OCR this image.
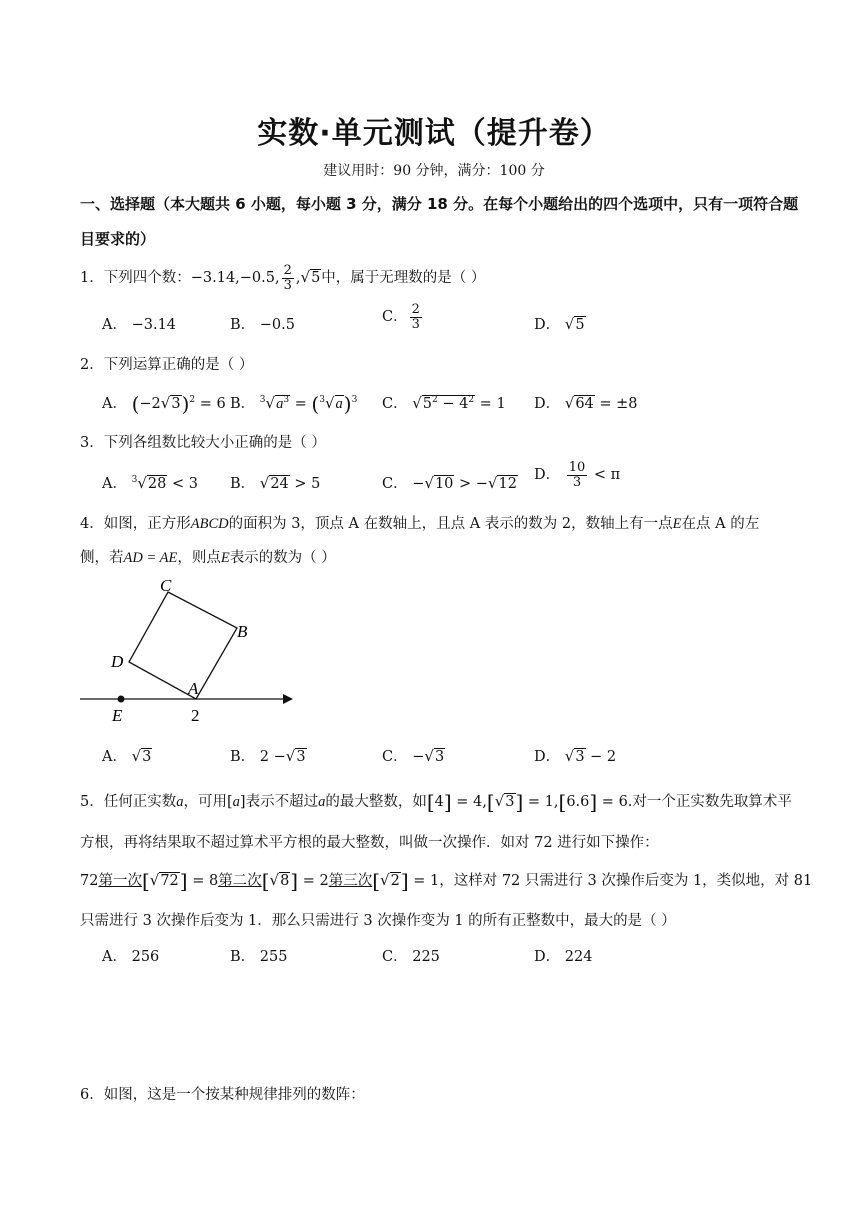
实数·单元测试（提升卷）
建议用时：90 分钟，满分：100 分
一、选择题（本大题共 6 小题，每小题 3 分，满分 18 分。在每个小题给出的四个选项中，只有一项符合题
目要求的）
1．下列四个数：−3.14,−0.5, $\frac{2}{3} ,√5$中，属于无理数的是（ ）
A． −3.14	B． −0.5	C． $\frac{2}{3}$	D． √5
2．下列运算正确的是（ ）
A． $(-2√3)^2 = 6$ B． $^3√a^3 = (^3√a)^3$ C． $√5^2 - 4^2 = 1$ D． √64 = ±8
3．下列各组数比较大小正确的是（ ）
A． $^3$√28 < 3 B． √24 > 5	C． −√10 > −√12
D． $\frac{10}{3} < \pi$
4．如图，正方形ABCD的面积为 3，顶点 A 在数轴上，且点 A 表示的数为 2，数轴上有一点E在点 A 的左
侧，若AD = AE，则点E表示的数为（ ）
C
B
D
A
E	2
A． √3	B． 2 −√3	C． −√3	D． √3 − 2
5．任何正实数a，可用[a]表示不超过a的最大整数，如[4] = 4,[√3] = 1,[6.6] = 6.对一个正实数先取算术平
方根，再将结果取不超过算术平方根的最大整数，叫做一次操作．如对 72 进行如下操作：
72第一次[√72] = 8第二次[√8] = 2第三次[√2] = 1，这样对 72 只需进行 3 次操作后变为 1，类似地，对 81
只需进行 3 次操作后变为 1．那么只需进行 3 次操作变为 1 的所有正整数中，最大的是（ ）
A． 256	B． 255	C． 225	D． 224
6．如图，这是一个按某种规律排列的数阵：
